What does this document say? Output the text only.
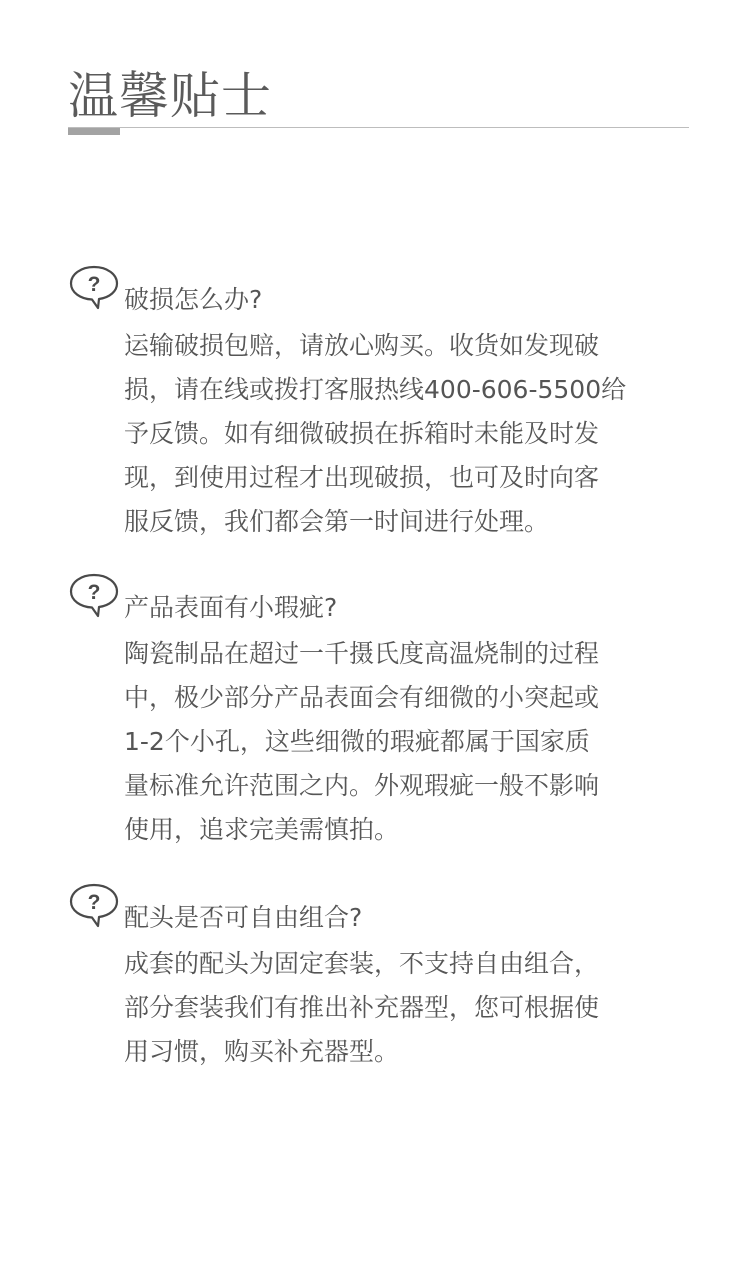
温馨贴士
?
破损怎么办?
运输破损包赔，请放心购买。收货如发现破
损，请在线或拨打客服热线400-606-5500给
予反馈。如有细微破损在拆箱时未能及时发
现，到使用过程才出现破损，也可及时向客
服反馈，我们都会第一时间进行处理。
?
产品表面有小瑕疵?
陶瓷制品在超过一千摄氏度高温烧制的过程
中，极少部分产品表面会有细微的小突起或
1-2个小孔，这些细微的瑕疵都属于国家质
量标准允许范围之内。外观瑕疵一般不影响
使用，追求完美需慎拍。
?
配头是否可自由组合?
成套的配头为固定套装，不支持自由组合，
部分套装我们有推出补充器型，您可根据使
用习惯，购买补充器型。
